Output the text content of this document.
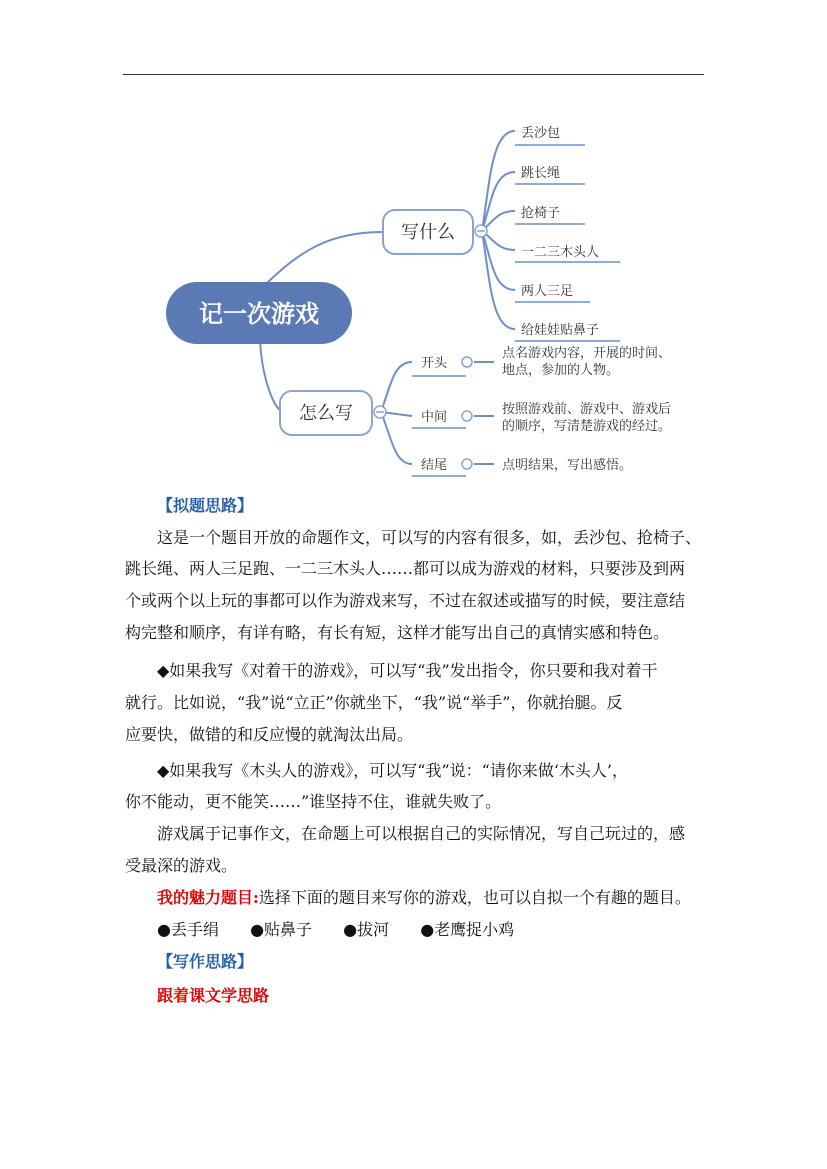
记一次游戏
写什么
怎么写
丢沙包
跳长绳
抢椅子
一二三木头人
两人三足
给娃娃贴鼻子
开头
中间
结尾
点名游戏内容，开展的时间、
地点，参加的人物。
按照游戏前、游戏中、游戏后
的顺序，写清楚游戏的经过。
点明结果，写出感悟。
【拟题思路】
这是一个题目开放的命题作文，可以写的内容有很多，如，丢沙包、抢椅子、
跳长绳、两人三足跑、一二三木头人……都可以成为游戏的材料，只要涉及到两
个或两个以上玩的事都可以作为游戏来写，不过在叙述或描写的时候，要注意结
构完整和顺序，有详有略，有长有短，这样才能写出自己的真情实感和特色。
◆如果我写《对着干的游戏》，可以写“我”发出指令，你只要和我对着干
就行。比如说，“我”说“立正”你就坐下，“我”说“举手”，你就抬腿。反
应要快，做错的和反应慢的就淘汰出局。
◆如果我写《木头人的游戏》，可以写“我”说：“请你来做‘木头人’，
你不能动，更不能笑……”谁坚持不住，谁就失败了。
游戏属于记事作文，在命题上可以根据自己的实际情况，写自己玩过的，感
受最深的游戏。
我的魅力题目:选择下面的题目来写你的游戏，也可以自拟一个有趣的题目。
●丢手绢 ●贴鼻子 ●拔河 ●老鹰捉小鸡
【写作思路】
跟着课文学思路
